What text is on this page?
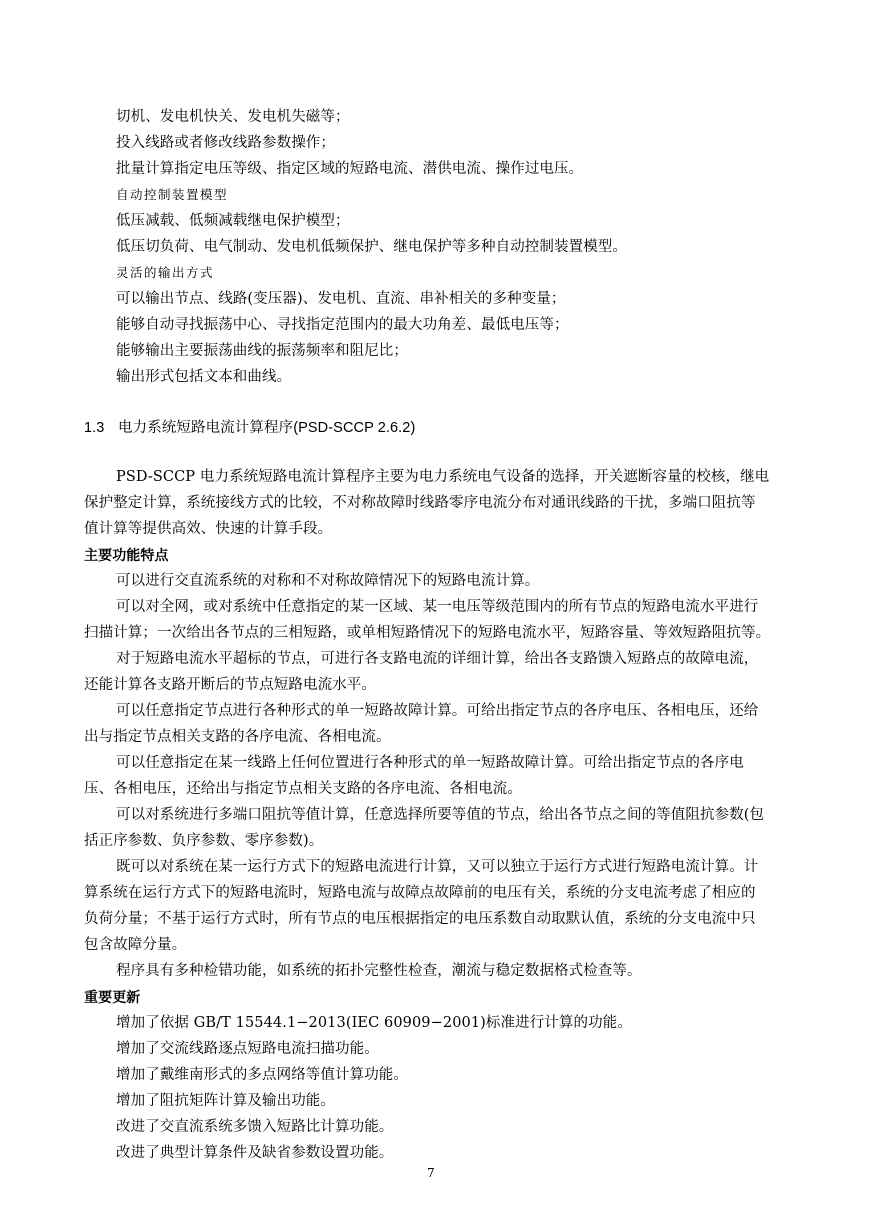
切机、发电机快关、发电机失磁等；
投入线路或者修改线路参数操作；
批量计算指定电压等级、指定区域的短路电流、潜供电流、操作过电压。
自动控制装置模型
低压减载、低频减载继电保护模型；
低压切负荷、电气制动、发电机低频保护、继电保护等多种自动控制装置模型。
灵活的输出方式
可以输出节点、线路(变压器)、发电机、直流、串补相关的多种变量；
能够自动寻找振荡中心、寻找指定范围内的最大功角差、最低电压等；
能够输出主要振荡曲线的振荡频率和阻尼比；
输出形式包括文本和曲线。
1.3 电力系统短路电流计算程序(PSD-SCCP 2.6.2)
PSD-SCCP 电力系统短路电流计算程序主要为电力系统电气设备的选择，开关遮断容量的校核，继电
保护整定计算，系统接线方式的比较，不对称故障时线路零序电流分布对通讯线路的干扰，多端口阻抗等
值计算等提供高效、快速的计算手段。
主要功能特点
可以进行交直流系统的对称和不对称故障情况下的短路电流计算。
可以对全网，或对系统中任意指定的某一区域、某一电压等级范围内的所有节点的短路电流水平进行
扫描计算；一次给出各节点的三相短路，或单相短路情况下的短路电流水平，短路容量、等效短路阻抗等。
对于短路电流水平超标的节点，可进行各支路电流的详细计算，给出各支路馈入短路点的故障电流，
还能计算各支路开断后的节点短路电流水平。
可以任意指定节点进行各种形式的单一短路故障计算。可给出指定节点的各序电压、各相电压，还给
出与指定节点相关支路的各序电流、各相电流。
可以任意指定在某一线路上任何位置进行各种形式的单一短路故障计算。可给出指定节点的各序电
压、各相电压，还给出与指定节点相关支路的各序电流、各相电流。
可以对系统进行多端口阻抗等值计算，任意选择所要等值的节点，给出各节点之间的等值阻抗参数(包
括正序参数、负序参数、零序参数)。
既可以对系统在某一运行方式下的短路电流进行计算，又可以独立于运行方式进行短路电流计算。计
算系统在运行方式下的短路电流时，短路电流与故障点故障前的电压有关，系统的分支电流考虑了相应的
负荷分量；不基于运行方式时，所有节点的电压根据指定的电压系数自动取默认值，系统的分支电流中只
包含故障分量。
程序具有多种检错功能，如系统的拓扑完整性检查，潮流与稳定数据格式检查等。
重要更新
增加了依据 GB/T 15544.1−2013(IEC 60909−2001)标准进行计算的功能。
增加了交流线路逐点短路电流扫描功能。
增加了戴维南形式的多点网络等值计算功能。
增加了阻抗矩阵计算及输出功能。
改进了交直流系统多馈入短路比计算功能。
改进了典型计算条件及缺省参数设置功能。
7
